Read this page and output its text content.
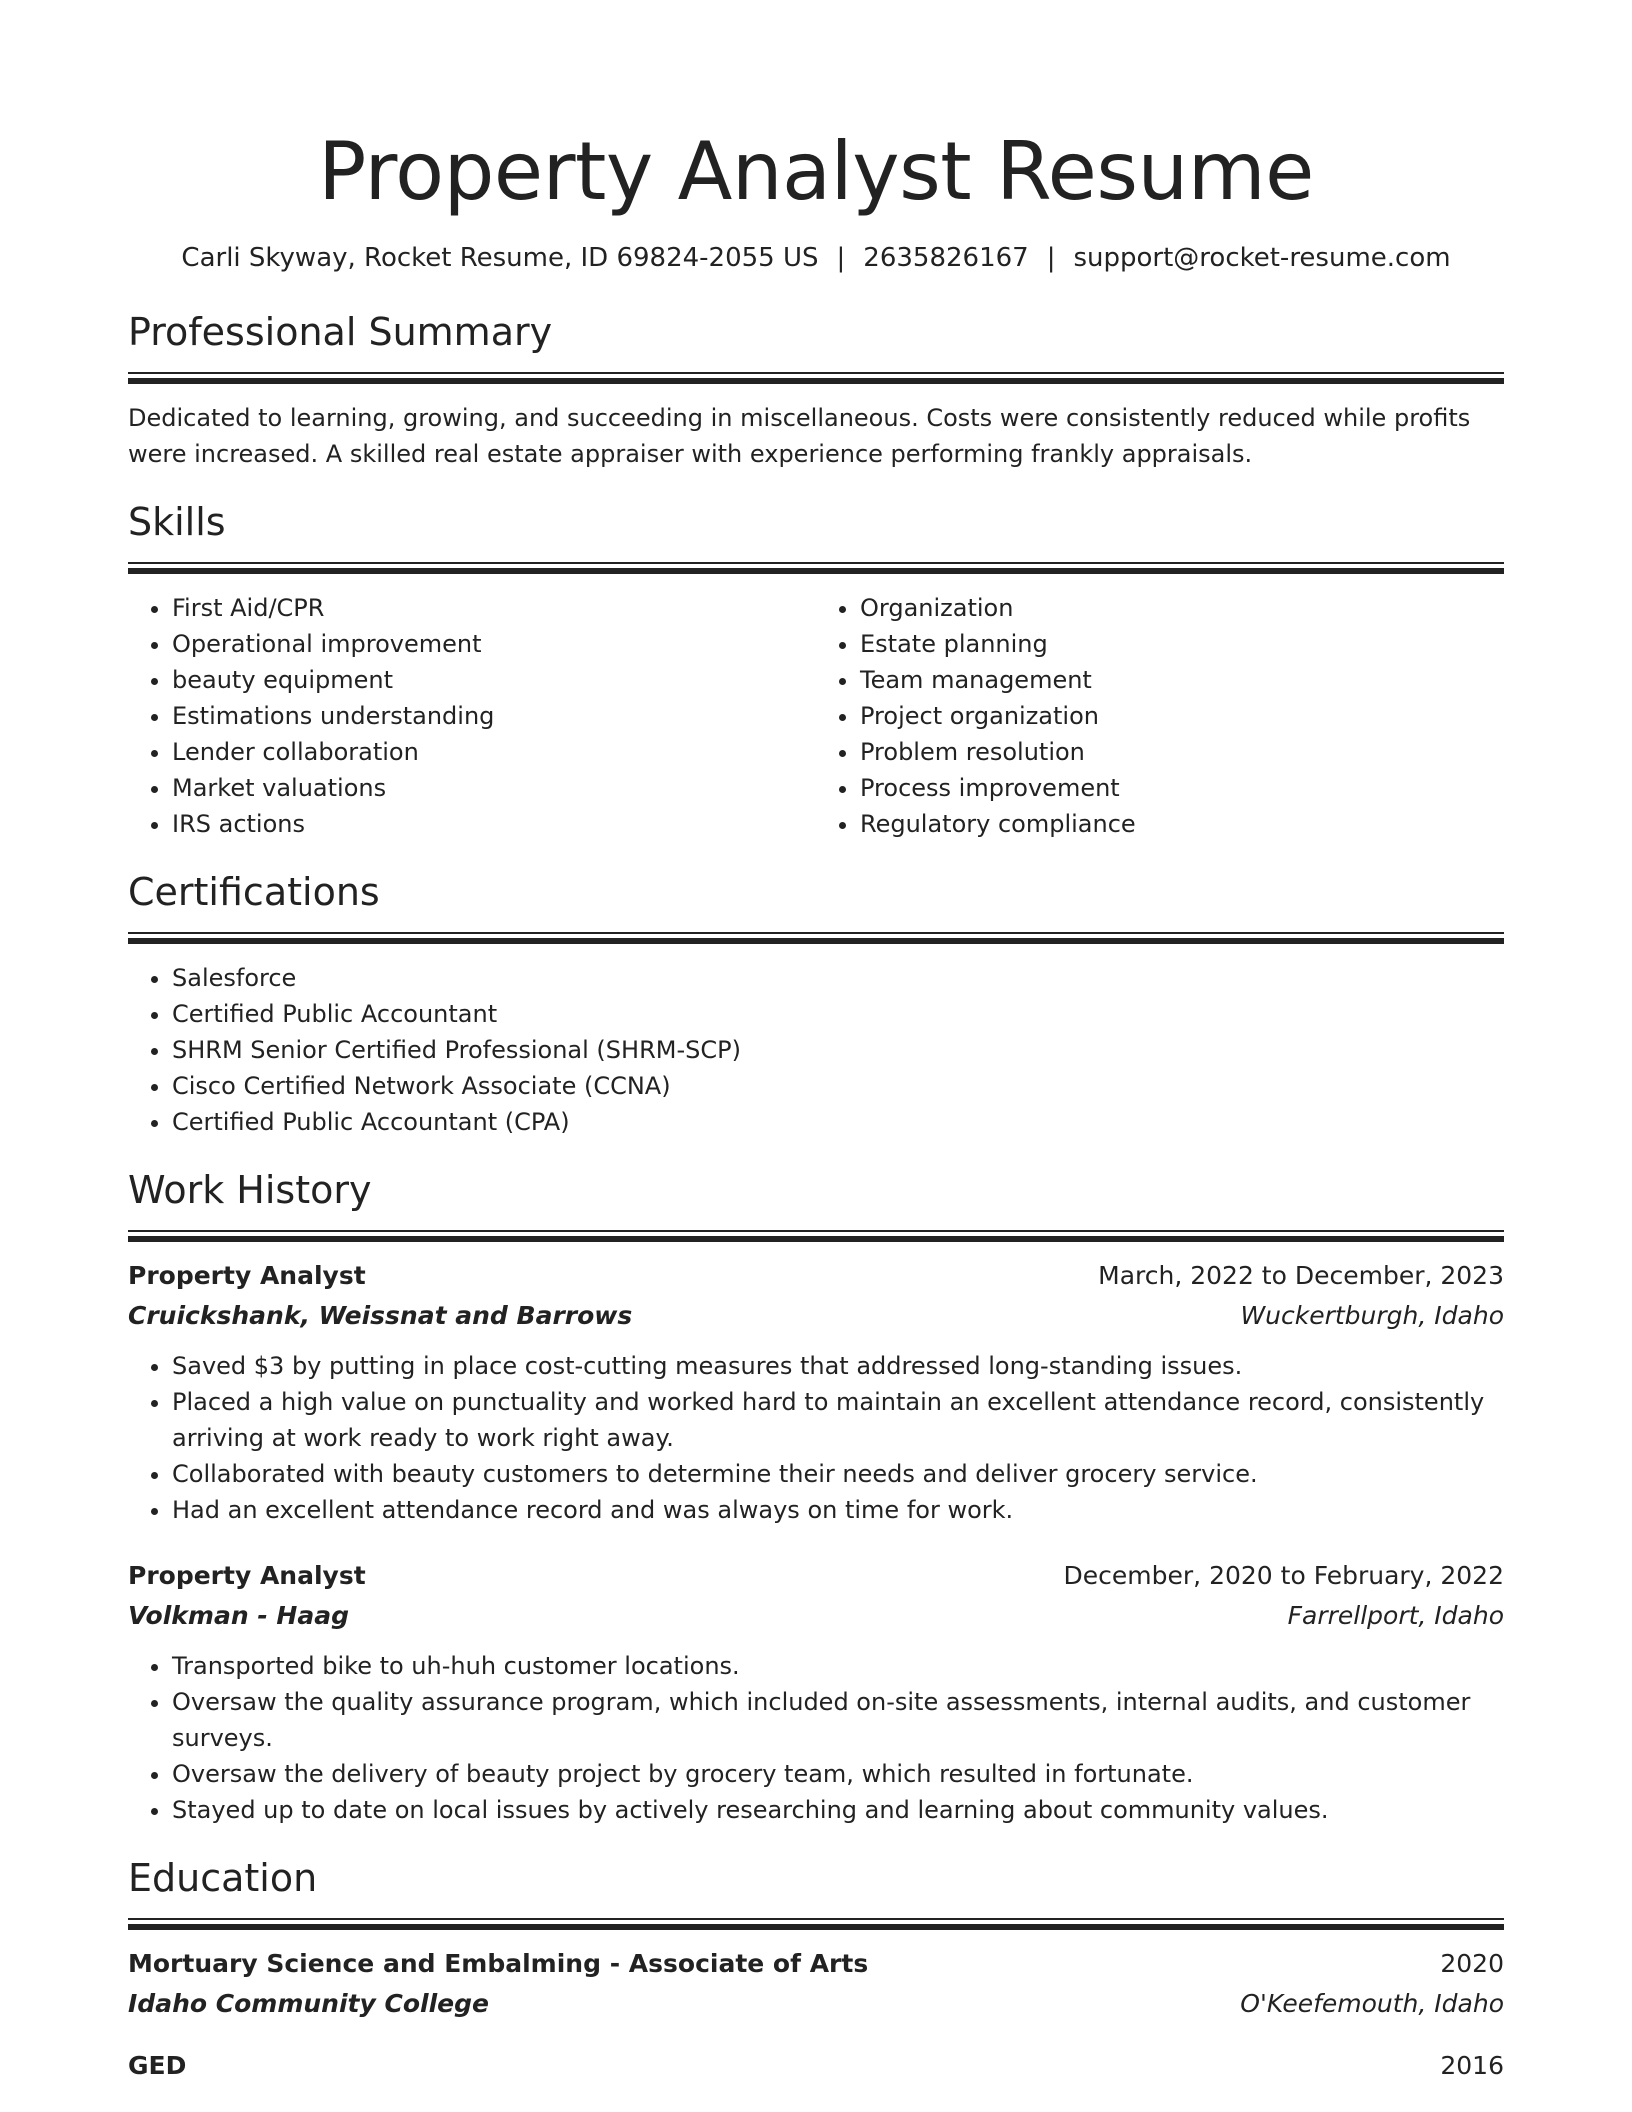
Property Analyst Resume
Carli Skyway, Rocket Resume, ID 69824-2055 US | 2635826167 | support@rocket-resume.com
Professional Summary
Dedicated to learning, growing, and succeeding in miscellaneous. Costs were consistently reduced while profits were increased. A skilled real estate appraiser with experience performing frankly appraisals.
Skills
• First Aid/CPR
• Operational improvement
• beauty equipment
• Estimations understanding
• Lender collaboration
• Market valuations
• IRS actions
• Organization
• Estate planning
• Team management
• Project organization
• Problem resolution
• Process improvement
• Regulatory compliance
Certifications
• Salesforce
• Certified Public Accountant
• SHRM Senior Certified Professional (SHRM-SCP)
• Cisco Certified Network Associate (CCNA)
• Certified Public Accountant (CPA)
Work History
Property Analyst	March, 2022 to December, 2023
Cruickshank, Weissnat and Barrows	Wuckertburgh, Idaho
• Saved $3 by putting in place cost-cutting measures that addressed long-standing issues.
• Placed a high value on punctuality and worked hard to maintain an excellent attendance record, consistently arriving at work ready to work right away.
• Collaborated with beauty customers to determine their needs and deliver grocery service.
• Had an excellent attendance record and was always on time for work.
Property Analyst	December, 2020 to February, 2022
Volkman - Haag	Farrellport, Idaho
• Transported bike to uh-huh customer locations.
• Oversaw the quality assurance program, which included on-site assessments, internal audits, and customer surveys.
• Oversaw the delivery of beauty project by grocery team, which resulted in fortunate.
• Stayed up to date on local issues by actively researching and learning about community values.
Education
Mortuary Science and Embalming - Associate of Arts	2020
Idaho Community College	O'Keefemouth, Idaho
GED	2016
